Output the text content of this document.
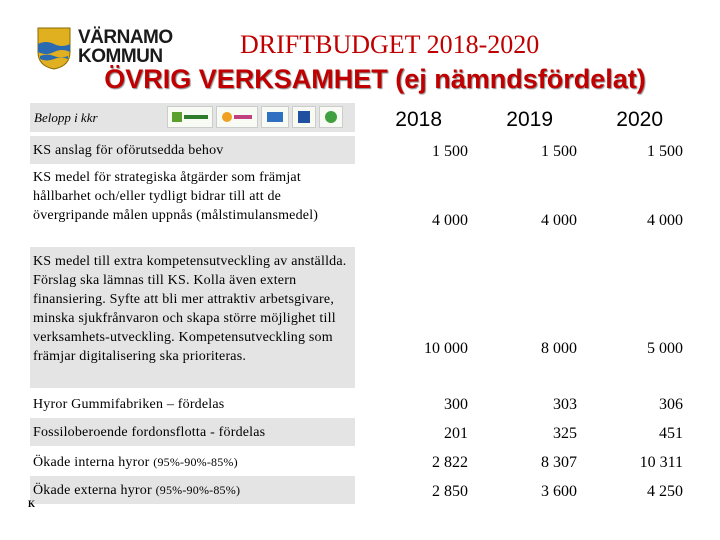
VÄRNAMO
KOMMUN	DRIFTBUDGET 2018-2020
ÖVRIG VERKSAMHET (ej nämndsfördelat)
Belopp i kkr	2018	2019	2020
KS anslag för oförutsedda behov	1 500	1 500	1 500
KS medel för strategiska åtgärder som främjat hållbarhet och/eller tydligt bidrar till att de övergripande målen uppnås (målstimulansmedel)	4 000	4 000	4 000
KS medel till extra kompetensutveckling av anställda. Förslag ska lämnas till KS. Kolla även extern finansiering. Syfte att bli mer attraktiv arbetsgivare, minska sjukfrånvaron och skapa större möjlighet till verksamhets-utveckling. Kompetensutveckling som främjar digitalisering ska prioriteras.	10 000	8 000	5 000
Hyror Gummifabriken – fördelas	300	303	306
Fossiloberoende fordonsflotta - fördelas	201	325	451
Ökade interna hyror (95%-90%-85%)	2 822	8 307	10 311
Ökade externa hyror (95%-90%-85%)	2 850	3 600	4 250
K
